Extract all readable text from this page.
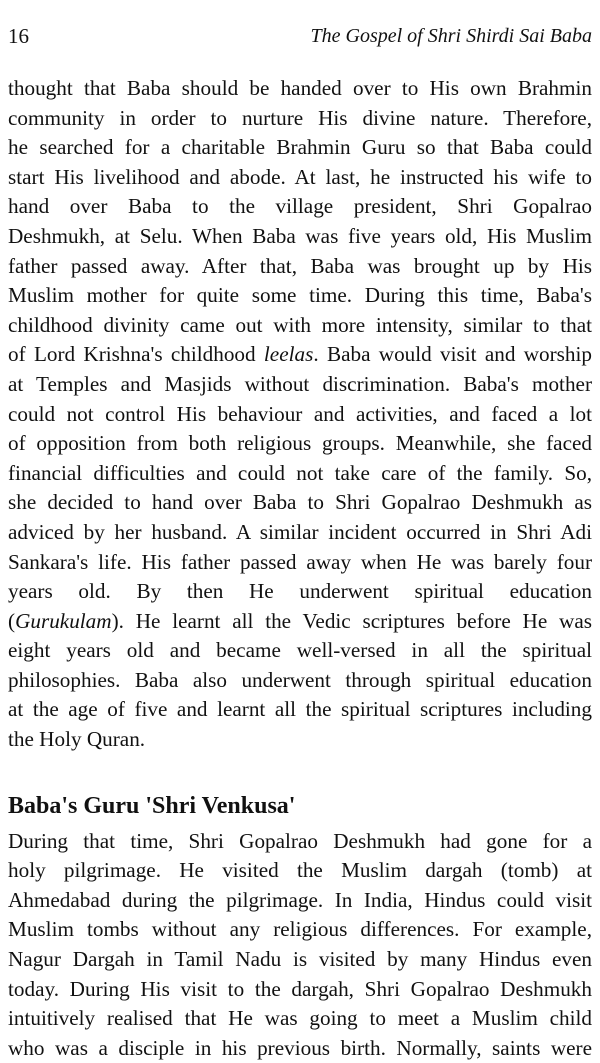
16	The Gospel of Shri Shirdi Sai Baba

thought that Baba should be handed over to His own Brahmin
community in order to nurture His divine nature. Therefore,
he searched for a charitable Brahmin Guru so that Baba could
start His livelihood and abode. At last, he instructed his wife to
hand over Baba to the village president, Shri Gopalrao
Deshmukh, at Selu. When Baba was five years old, His Muslim
father passed away. After that, Baba was brought up by His
Muslim mother for quite some time. During this time, Baba's
childhood divinity came out with more intensity, similar to that
of Lord Krishna's childhood leelas. Baba would visit and worship
at Temples and Masjids without discrimination. Baba's mother
could not control His behaviour and activities, and faced a lot
of opposition from both religious groups. Meanwhile, she faced
financial difficulties and could not take care of the family. So,
she decided to hand over Baba to Shri Gopalrao Deshmukh as
adviced by her husband. A similar incident occurred in Shri Adi
Sankara's life. His father passed away when He was barely four
years old. By then He underwent spiritual education
(Gurukulam). He learnt all the Vedic scriptures before He was
eight years old and became well-versed in all the spiritual
philosophies. Baba also underwent through spiritual education
at the age of five and learnt all the spiritual scriptures including
the Holy Quran.

Baba's Guru 'Shri Venkusa'

During that time, Shri Gopalrao Deshmukh had gone for a
holy pilgrimage. He visited the Muslim dargah (tomb) at
Ahmedabad during the pilgrimage. In India, Hindus could visit
Muslim tombs without any religious differences. For example,
Nagur Dargah in Tamil Nadu is visited by many Hindus even
today. During His visit to the dargah, Shri Gopalrao Deshmukh
intuitively realised that He was going to meet a Muslim child
who was a disciple in his previous birth. Normally, saints were
